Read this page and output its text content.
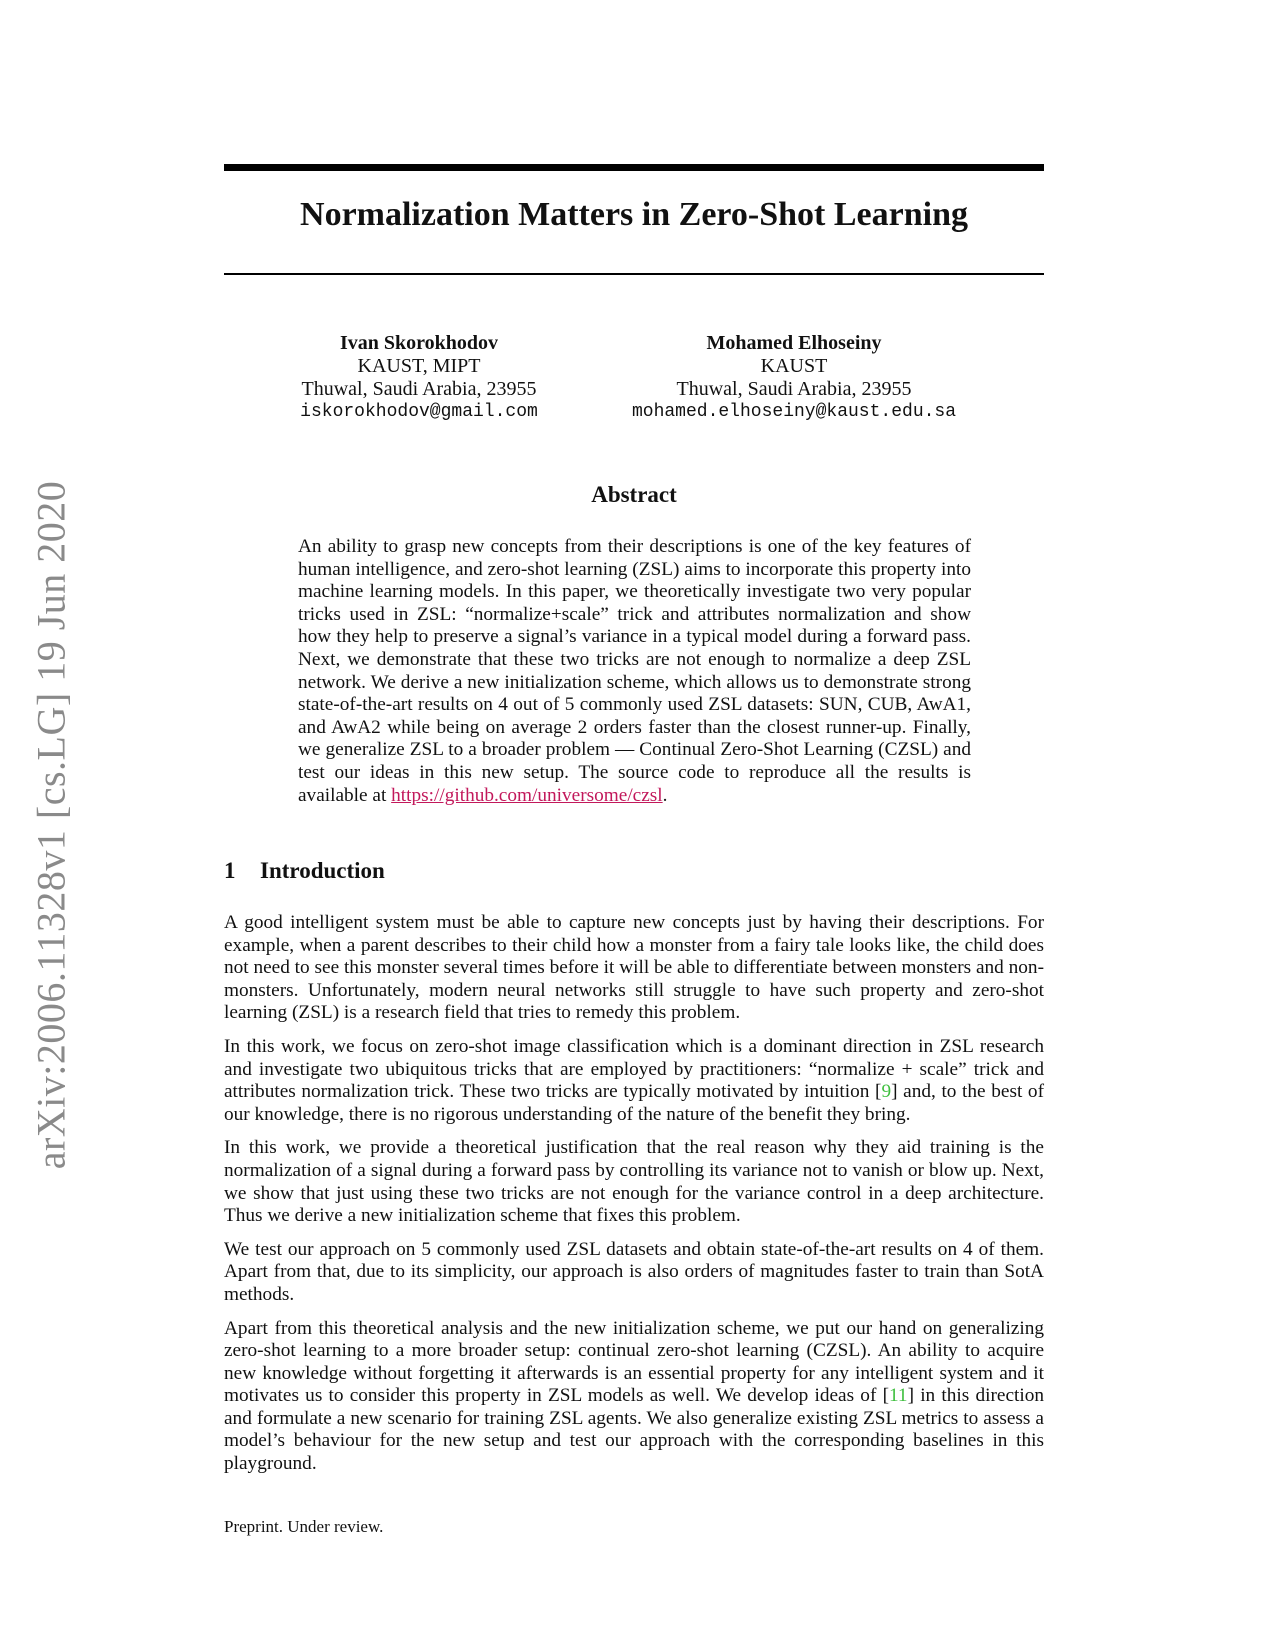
arXiv:2006.11328v1 [cs.LG] 19 Jun 2020
Normalization Matters in Zero-Shot Learning
Ivan Skorokhodov
KAUST, MIPT
Thuwal, Saudi Arabia, 23955
iskorokhodov@gmail.com
Mohamed Elhoseiny
KAUST
Thuwal, Saudi Arabia, 23955
mohamed.elhoseiny@kaust.edu.sa
Abstract

An ability to grasp new concepts from their descriptions is one of the key features of human intelligence, and zero-shot learning (ZSL) aims to incorporate this property into machine learning models. In this paper, we theoretically investigate two very popular tricks used in ZSL: “normalize+scale” trick and attributes normalization and show how they help to preserve a signal’s variance in a typical model during a forward pass. Next, we demonstrate that these two tricks are not enough to normalize a deep ZSL network. We derive a new initialization scheme, which allows us to demonstrate strong state-of-the-art results on 4 out of 5 commonly used ZSL datasets: SUN, CUB, AwA1, and AwA2 while being on average 2 orders faster than the closest runner-up. Finally, we generalize ZSL to a broader problem — Continual Zero-Shot Learning (CZSL) and test our ideas in this new setup. The source code to reproduce all the results is available at https://github.com/universome/czsl.

1 Introduction

A good intelligent system must be able to capture new concepts just by having their descriptions. For example, when a parent describes to their child how a monster from a fairy tale looks like, the child does not need to see this monster several times before it will be able to differentiate between monsters and non-monsters. Unfortunately, modern neural networks still struggle to have such property and zero-shot learning (ZSL) is a research field that tries to remedy this problem.

In this work, we focus on zero-shot image classification which is a dominant direction in ZSL research and investigate two ubiquitous tricks that are employed by practitioners: “normalize + scale” trick and attributes normalization trick. These two tricks are typically motivated by intuition [9] and, to the best of our knowledge, there is no rigorous understanding of the nature of the benefit they bring.

In this work, we provide a theoretical justification that the real reason why they aid training is the normalization of a signal during a forward pass by controlling its variance not to vanish or blow up. Next, we show that just using these two tricks are not enough for the variance control in a deep architecture. Thus we derive a new initialization scheme that fixes this problem.

We test our approach on 5 commonly used ZSL datasets and obtain state-of-the-art results on 4 of them. Apart from that, due to its simplicity, our approach is also orders of magnitudes faster to train than SotA methods.

Apart from this theoretical analysis and the new initialization scheme, we put our hand on generalizing zero-shot learning to a more broader setup: continual zero-shot learning (CZSL). An ability to acquire new knowledge without forgetting it afterwards is an essential property for any intelligent system and it motivates us to consider this property in ZSL models as well. We develop ideas of [11] in this direction and formulate a new scenario for training ZSL agents. We also generalize existing ZSL metrics to assess a model’s behaviour for the new setup and test our approach with the corresponding baselines in this playground.

Preprint. Under review.
